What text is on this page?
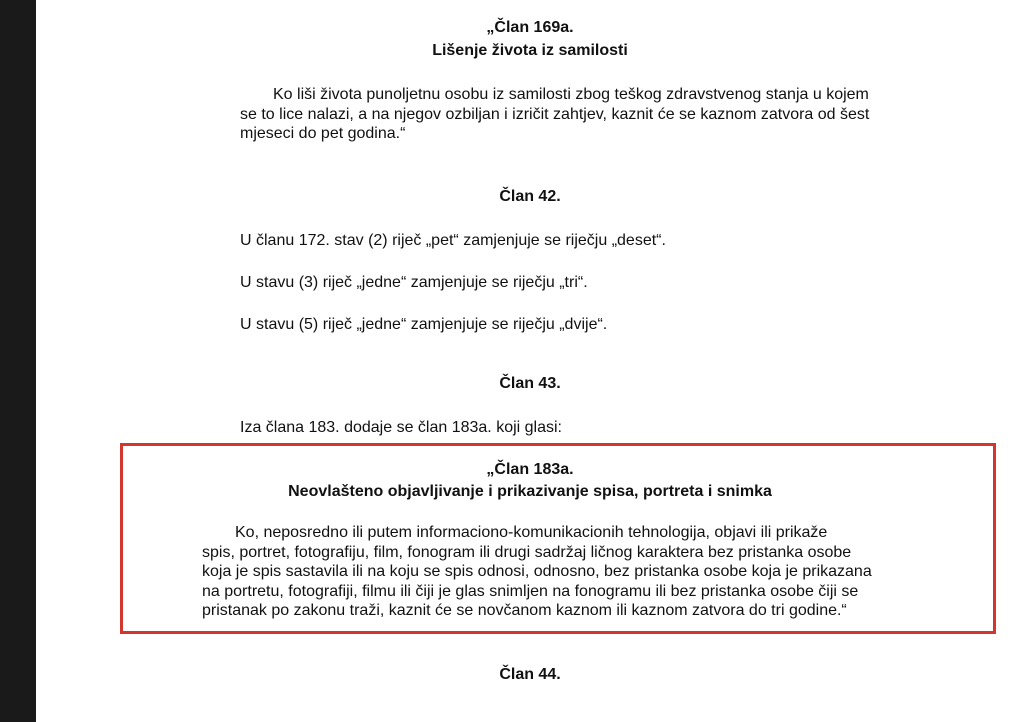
„Član 169a.
Lišenje života iz samilosti
Ko liši života punoljetnu osobu iz samilosti zbog teškog zdravstvenog stanja u kojem
se to lice nalazi, a na njegov ozbiljan i izričit zahtjev, kaznit će se kaznom zatvora od šest
mjeseci do pet godina.“
Član 42.
U članu 172. stav (2) riječ „pet“ zamjenjuje se riječju „deset“.
U stavu (3) riječ „jedne“ zamjenjuje se riječju „tri“.
U stavu (5) riječ „jedne“ zamjenjuje se riječju „dvije“.
Član 43.
Iza člana 183. dodaje se član 183a. koji glasi:
„Član 183a.
Neovlašteno objavljivanje i prikazivanje spisa, portreta i snimka
Ko, neposredno ili putem informaciono-komunikacionih tehnologija, objavi ili prikaže
spis, portret, fotografiju, film, fonogram ili drugi sadržaj ličnog karaktera bez pristanka osobe
koja je spis sastavila ili na koju se spis odnosi, odnosno, bez pristanka osobe koja je prikazana
na portretu, fotografiji, filmu ili čiji je glas snimljen na fonogramu ili bez pristanka osobe čiji se
pristanak po zakonu traži, kaznit će se novčanom kaznom ili kaznom zatvora do tri godine.“
Član 44.
